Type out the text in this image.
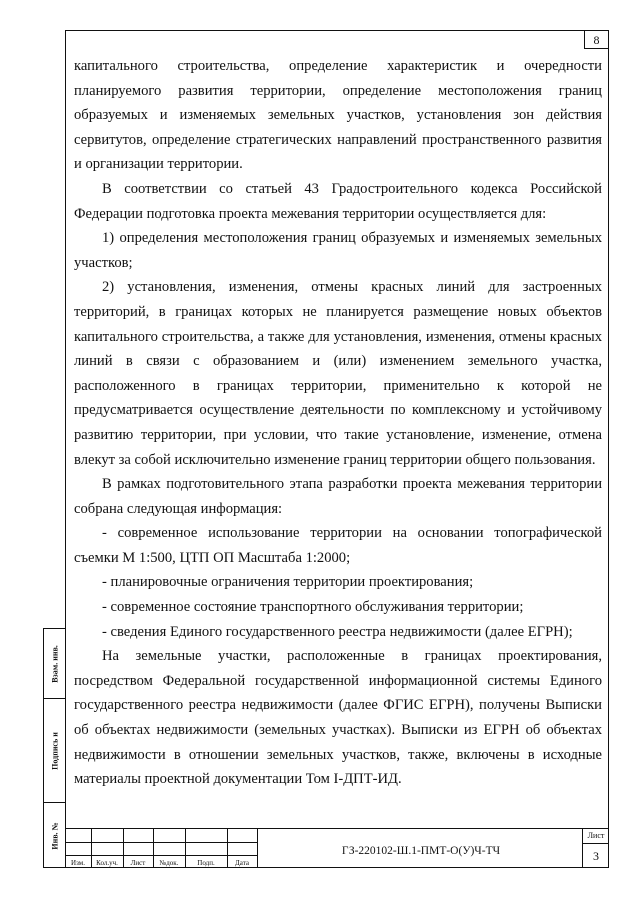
8

капитального строительства, определение характеристик и очередности планируемого развития территории, определение местоположения границ образуемых и изменяемых земельных участков, установления зон действия сервитутов, определение стратегических направлений пространственного развития и организации территории.

В соответствии со статьей 43 Градостроительного кодекса Российской Федерации подготовка проекта межевания территории осуществляется для:

1) определения местоположения границ образуемых и изменяемых земельных участков;

2) установления, изменения, отмены красных линий для застроенных территорий, в границах которых не планируется размещение новых объектов капитального строительства, а также для установления, изменения, отмены красных линий в связи с образованием и (или) изменением земельного участка, расположенного в границах территории, применительно к которой не предусматривается осуществление деятельности по комплексному и устойчивому развитию территории, при условии, что такие установление, изменение, отмена влекут за собой исключительно изменение границ территории общего пользования.

В рамках подготовительного этапа разработки проекта межевания территории собрана следующая информация:

- современное использование территории на основании топографической съемки М 1:500, ЦТП ОП Масштаба 1:2000;

- планировочные ограничения территории проектирования;

- современное состояние транспортного обслуживания территории;

- сведения Единого государственного реестра недвижимости (далее ЕГРН);

На земельные участки, расположенные в границах проектирования, посредством Федеральной государственной информационной системы Единого государственного реестра недвижимости (далее ФГИС ЕГРН), получены Выписки об объектах недвижимости (земельных участках). Выписки из ЕГРН об объектах недвижимости в отношении земельных участков, также, включены в исходные материалы проектной документации Том I-ДПТ-ИД.

Взам. инв.
Подпись и
Инв. №
Изм.	Кол.уч.	Лист	№док.	Подп.	Дата
ГЗ-220102-Ш.1-ПМТ-О(У)Ч-ТЧ
Лист
3
